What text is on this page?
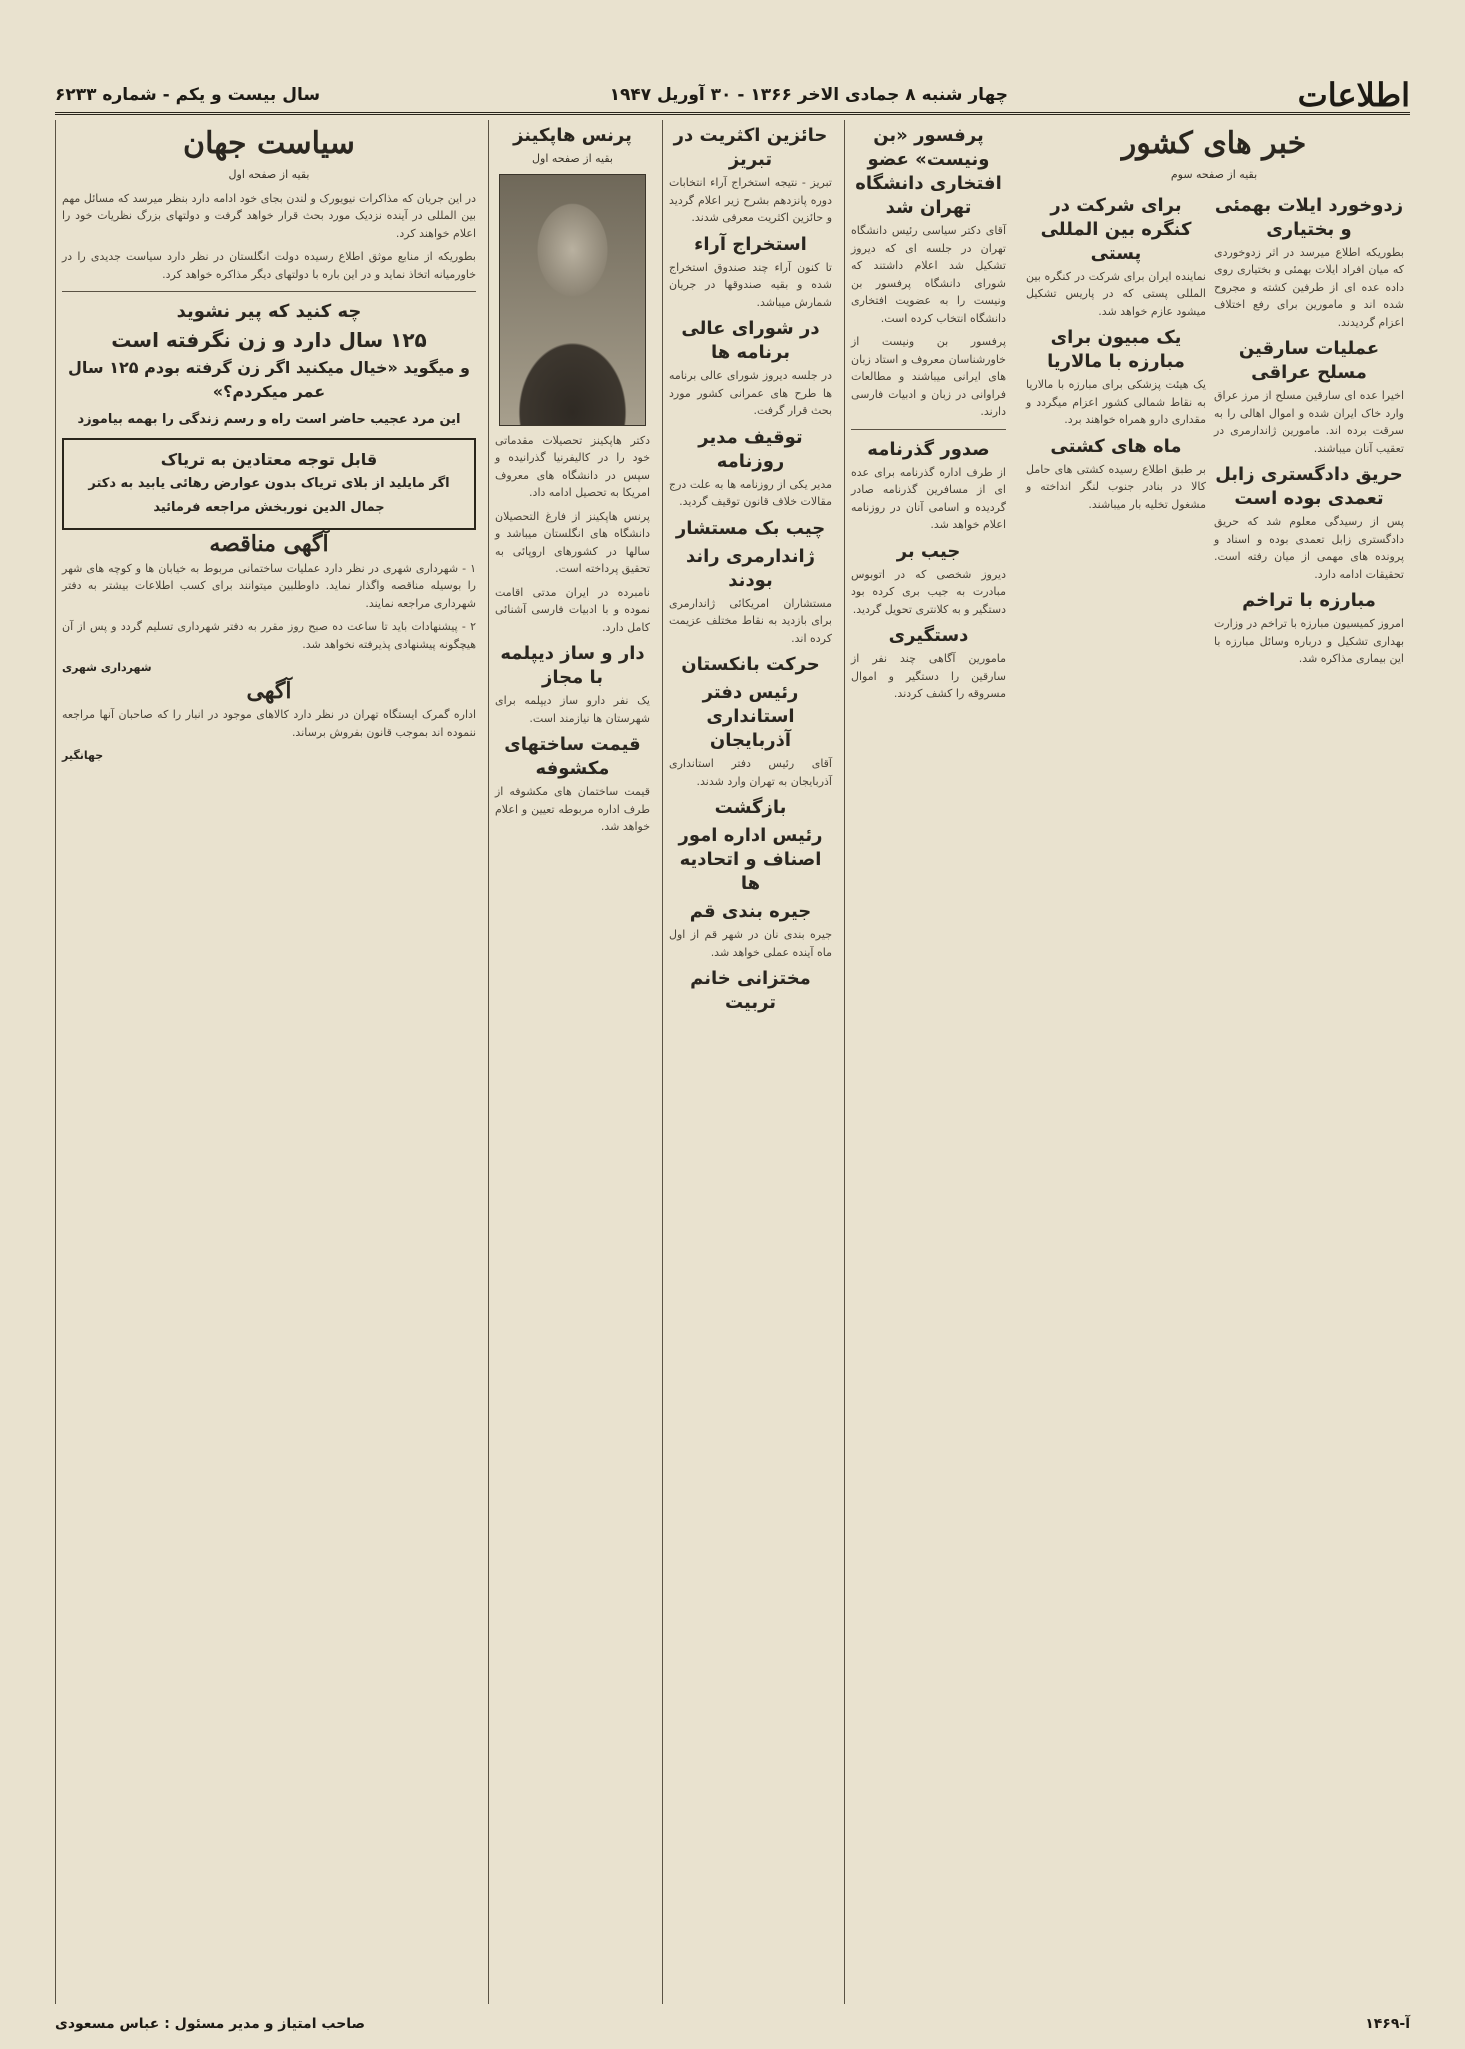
اطلاعات
چهار شنبه ۸ جمادی الاخر ۱۳۶۶ - ۳۰ آوریل ۱۹۴۷
سال بیست و یکم - شماره ۶۲۳۳
خبر های کشور
بقیه از صفحه سوم
زدوخورد ایلات بهمئی و بختیاری

بطوریکه اطلاع میرسد در اثر زدوخوردی که میان افراد ایلات بهمئی و بختیاری روی داده عده ای از طرفین کشته و مجروح شده اند و مامورین برای رفع اختلاف اعزام گردیدند.

عملیات سارقین مسلح عراقی

اخیرا عده ای سارقین مسلح از مرز عراق وارد خاک ایران شده و اموال اهالی را به سرقت برده اند. مامورین ژاندارمری در تعقیب آنان میباشند.

حریق دادگستری زابل تعمدی بوده است

پس از رسیدگی معلوم شد که حریق دادگستری زابل تعمدی بوده و اسناد و پرونده های مهمی از میان رفته است. تحقیقات ادامه دارد.

مبارزه با تراخم

امروز کمیسیون مبارزه با تراخم در وزارت بهداری تشکیل و درباره وسائل مبارزه با این بیماری مذاکره شد.

برای شرکت در کنگره بین المللی پستی

نماینده ایران برای شرکت در کنگره بین المللی پستی که در پاریس تشکیل میشود عازم خواهد شد.

یک مبیون برای مبارزه با مالاریا

یک هیئت پزشکی برای مبارزه با مالاریا به نقاط شمالی کشور اعزام میگردد و مقداری دارو همراه خواهند برد.

ماه های کشتی

بر طبق اطلاع رسیده کشتی های حامل کالا در بنادر جنوب لنگر انداخته و مشغول تخلیه بار میباشند.

پرفسور «بن ونیست» عضو افتخاری دانشگاه تهران شد

آقای دکتر سیاسی رئیس دانشگاه تهران در جلسه ای که دیروز تشکیل شد اعلام داشتند که شورای دانشگاه پرفسور بن ونیست را به عضویت افتخاری دانشگاه انتخاب کرده است.

پرفسور بن ونیست از خاورشناسان معروف و استاد زبان های ایرانی میباشند و مطالعات فراوانی در زبان و ادبیات فارسی دارند.

صدور گذرنامه

از طرف اداره گذرنامه برای عده ای از مسافرین گذرنامه صادر گردیده و اسامی آنان در روزنامه اعلام خواهد شد.

جیب بر

دیروز شخصی که در اتوبوس مبادرت به جیب بری کرده بود دستگیر و به کلانتری تحویل گردید.

دستگیری

مامورین آگاهی چند نفر از سارقین را دستگیر و اموال مسروقه را کشف کردند.

حائزین اکثریت در تبریز

تبریز - نتیجه استخراج آراء انتخابات دوره پانزدهم بشرح زیر اعلام گردید و حائزین اکثریت معرفی شدند.

استخراج آراء

تا کنون آراء چند صندوق استخراج شده و بقیه صندوقها در جریان شمارش میباشد.

در شورای عالی برنامه ها

در جلسه دیروز شورای عالی برنامه ها طرح های عمرانی کشور مورد بحث قرار گرفت.

توقیف مدیر روزنامه

مدیر یکی از روزنامه ها به علت درج مقالات خلاف قانون توقیف گردید.

چیب بک مستشار
ژاندارمری راند بودند

مستشاران امریکائی ژاندارمری برای بازدید به نقاط مختلف عزیمت کرده اند.

حرکت بانکستان
رئیس دفتر استانداری آذربایجان

آقای رئیس دفتر استانداری آذربایجان به تهران وارد شدند.

بازگشت
رئیس اداره امور اصناف و اتحادیه ها
جیره بندی قم

جیره بندی نان در شهر قم از اول ماه آینده عملی خواهد شد.

مختزانی خانم تربیت
پرنس هاپکینز
بقیه از صفحه اول

دکتر هاپکینز تحصیلات مقدماتی خود را در کالیفرنیا گذرانیده و سپس در دانشگاه های معروف امریکا به تحصیل ادامه داد.

پرنس هاپکینز از فارغ التحصیلان دانشگاه های انگلستان میباشد و سالها در کشورهای اروپائی به تحقیق پرداخته است.

نامبرده در ایران مدتی اقامت نموده و با ادبیات فارسی آشنائی کامل دارد.

دار و ساز دیپلمه با مجاز

یک نفر دارو ساز دیپلمه برای شهرستان ها نیازمند است.

قیمت ساختهای مکشوفه

قیمت ساختمان های مکشوفه از طرف اداره مربوطه تعیین و اعلام خواهد شد.

سیاست جهان
بقیه از صفحه اول

در این جریان که مذاکرات نیویورک و لندن بجای خود ادامه دارد بنظر میرسد که مسائل مهم بین المللی در آینده نزدیک مورد بحث قرار خواهد گرفت و دولتهای بزرگ نظریات خود را اعلام خواهند کرد.

بطوریکه از منابع موثق اطلاع رسیده دولت انگلستان در نظر دارد سیاست جدیدی را در خاورمیانه اتخاذ نماید و در این باره با دولتهای دیگر مذاکره خواهد کرد.

چه کنید که پیر نشوید
۱۲۵ سال دارد و زن نگرفته است
و میگوید «خیال میکنید اگر زن گرفته بودم ۱۲۵ سال عمر میکردم؟»
این مرد عجیب حاضر است راه و رسم زندگی را بهمه بیاموزد
قابل توجه معتادین به تریاک
اگر مایلید از بلای تریاک بدون عوارض رهائی یابید به دکتر جمال الدین نوربخش مراجعه فرمائید
آگهی مناقصه

۱ - شهرداری شهری در نظر دارد عملیات ساختمانی مربوط به خیابان ها و کوچه های شهر را بوسیله مناقصه واگذار نماید. داوطلبین میتوانند برای کسب اطلاعات بیشتر به دفتر شهرداری مراجعه نمایند.

۲ - پیشنهادات باید تا ساعت ده صبح روز مقرر به دفتر شهرداری تسلیم گردد و پس از آن هیچگونه پیشنهادی پذیرفته نخواهد شد.

شهرداری شهری
آگهی

اداره گمرک ایستگاه تهران در نظر دارد کالاهای موجود در انبار را که صاحبان آنها مراجعه ننموده اند بموجب قانون بفروش برساند.

جهانگیر
آ-۱۴۶۹
صاحب امتیاز و مدیر مسئول : عباس مسعودی
